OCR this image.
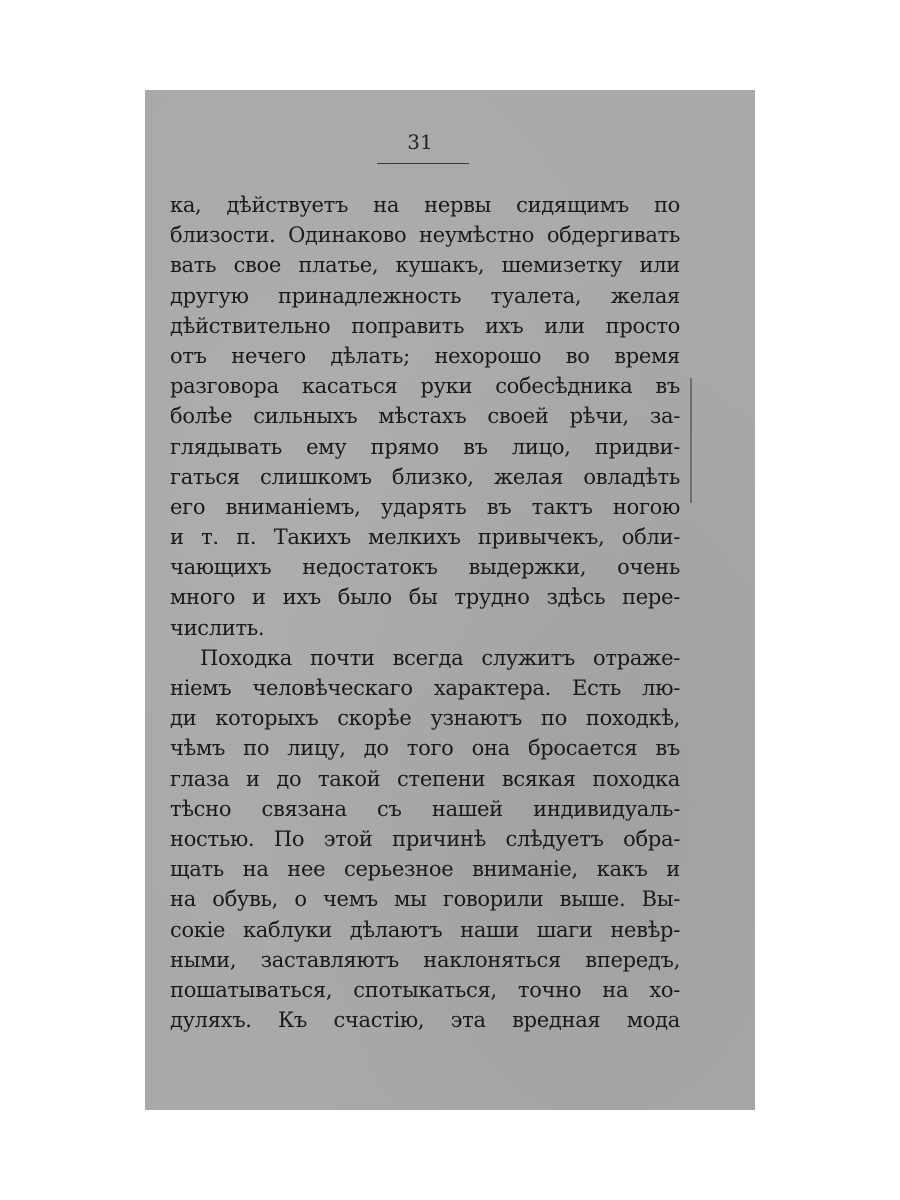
31
ка, дѣйствуетъ на нервы сидящимъ по
близости. Одинаково неумѣстно обдергивать
вать свое платье, кушакъ, шемизетку или
другую принадлежность туалета, желая
дѣйствительно поправить ихъ или просто
отъ нечего дѣлать; нехорошо во время
разговора касаться руки собесѣдника въ
болѣе сильныхъ мѣстахъ своей рѣчи, за-
глядывать ему прямо въ лицо, придви-
гаться слишкомъ близко, желая овладѣть
его вниманіемъ, ударять въ тактъ ногою
и т. п. Такихъ мелкихъ привычекъ, обли-
чающихъ недостатокъ выдержки, очень
много и ихъ было бы трудно здѣсь пере-
числить.
Походка почти всегда служитъ отраже-
ніемъ человѣческаго характера. Есть лю-
ди которыхъ скорѣе узнаютъ по походкѣ,
чѣмъ по лицу, до того она бросается въ
глаза и до такой степени всякая походка
тѣсно связана съ нашей индивидуаль-
ностью. По этой причинѣ слѣдуетъ обра-
щать на нее серьезное вниманіе, какъ и
на обувь, о чемъ мы говорили выше. Вы-
сокіе каблуки дѣлаютъ наши шаги невѣр-
ными, заставляютъ наклоняться впередъ,
пошатываться, спотыкаться, точно на хо-
дуляхъ. Къ счастію, эта вредная мода
